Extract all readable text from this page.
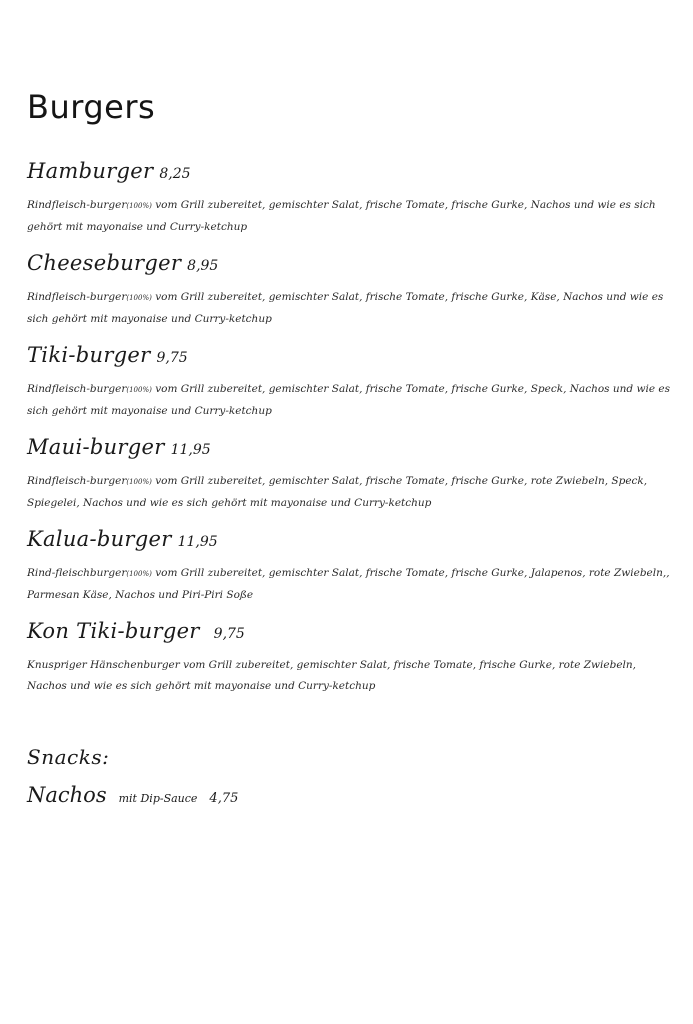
Burgers
Hamburger 8,25
Rindfleisch-burger(100%) vom Grill zubereitet, gemischter Salat, frische Tomate, frische Gurke, Nachos und wie es sich gehört mit mayonaise und Curry-ketchup
Cheeseburger 8,95
Rindfleisch-burger(100%) vom Grill zubereitet, gemischter Salat, frische Tomate, frische Gurke, Käse, Nachos und wie es sich gehört mit mayonaise und Curry-ketchup
Tiki-burger 9,75
Rindfleisch-burger(100%) vom Grill zubereitet, gemischter Salat, frische Tomate, frische Gurke, Speck, Nachos und wie es sich gehört mit mayonaise und Curry-ketchup
Maui-burger 11,95
Rindfleisch-burger(100%) vom Grill zubereitet, gemischter Salat, frische Tomate, frische Gurke, rote Zwiebeln, Speck, Spiegelei, Nachos und wie es sich gehört mit mayonaise und Curry-ketchup
Kalua-burger 11,95
Rind-fleischburger(100%) vom Grill zubereitet, gemischter Salat, frische Tomate, frische Gurke, Jalapenos, rote Zwiebeln,, Parmesan Käse, Nachos und Piri-Piri Soße
Kon Tiki-burger 9,75
Knuspriger Hänschenburger vom Grill zubereitet, gemischter Salat, frische Tomate, frische Gurke, rote Zwiebeln, Nachos und wie es sich gehört mit mayonaise und Curry-ketchup
Snacks:
Nachos mit Dip-Sauce 4,75
